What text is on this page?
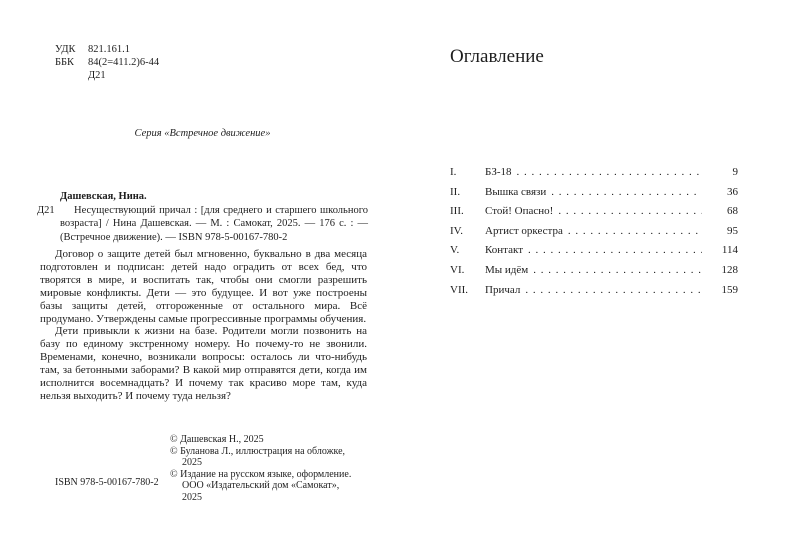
УДК 821.161.1
ББК 84(2=411.2)6-44
Д21
Серия «Встречное движение»
Дашевская, Нина.
Д21	Несуществующий причал : [для среднего и старшего школьного возраста] / Нина Дашевская. — М. : Самокат, 2025. — 176 с. : — (Встречное движение). — ISBN 978-5-00167-780-2

Договор о защите детей был мгновенно, буквально в два месяца подготовлен и подписан: детей надо оградить от всех бед, что творятся в мире, и воспитать так, чтобы они смогли разрешить мировые конфликты. Дети — это будущее. И вот уже построены базы защиты детей, отгороженные от остального мира. Всё продумано. Утверждены самые прогрессивные программы обучения.

Дети привыкли к жизни на базе. Родители могли позвонить на базу по единому экстренному номеру. Но почему-то не звонили. Временами, конечно, возникали вопросы: осталось ли что-нибудь там, за бетонными заборами? В какой мир отправятся дети, когда им исполнится восемнадцать? И почему так красиво море там, куда нельзя выходить? И почему туда нельзя?

© Дашевская Н., 2025
© Буланова Л., иллюстрация на обложке, 2025
© Издание на русском языке, оформление. ООО «Издательский дом «Самокат», 2025
ISBN 978-5-00167-780-2
Оглавление
I.	БЗ-18 . . .	9
II.	Вышка связи . . .	36
III.	Стой! Опасно! . . .	68
IV.	Артист оркестра . . .	95
V.	Контакт . . .	114
VI.	Мы идём . . .	128
VII.	Причал . . .	159
